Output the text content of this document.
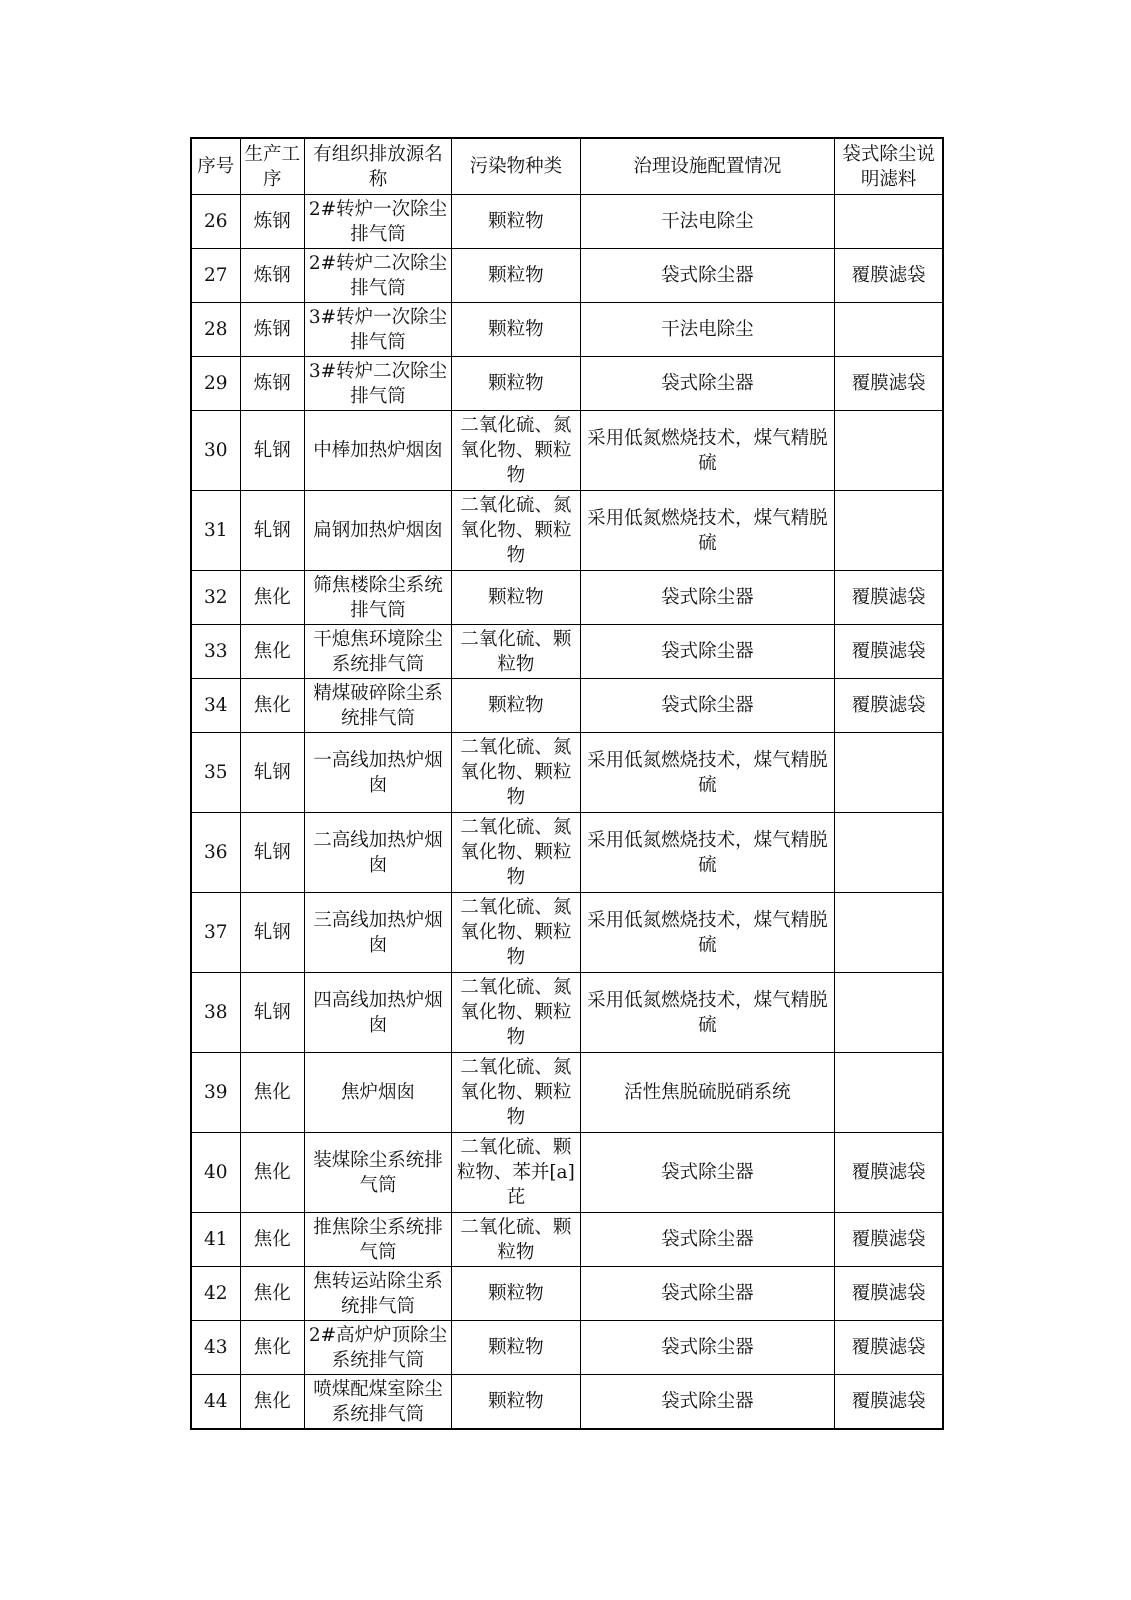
序号	生产工序	有组织排放源名称	污染物种类	治理设施配置情况	袋式除尘说明滤料
26	炼钢	2#转炉一次除尘排气筒	颗粒物	干法电除尘	
27	炼钢	2#转炉二次除尘排气筒	颗粒物	袋式除尘器	覆膜滤袋
28	炼钢	3#转炉一次除尘排气筒	颗粒物	干法电除尘	
29	炼钢	3#转炉二次除尘排气筒	颗粒物	袋式除尘器	覆膜滤袋
30	轧钢	中棒加热炉烟囱	二氧化硫、氮氧化物、颗粒物	采用低氮燃烧技术，煤气精脱硫	
31	轧钢	扁钢加热炉烟囱	二氧化硫、氮氧化物、颗粒物	采用低氮燃烧技术，煤气精脱硫	
32	焦化	筛焦楼除尘系统排气筒	颗粒物	袋式除尘器	覆膜滤袋
33	焦化	干熄焦环境除尘系统排气筒	二氧化硫、颗粒物	袋式除尘器	覆膜滤袋
34	焦化	精煤破碎除尘系统排气筒	颗粒物	袋式除尘器	覆膜滤袋
35	轧钢	一高线加热炉烟囱	二氧化硫、氮氧化物、颗粒物	采用低氮燃烧技术，煤气精脱硫	
36	轧钢	二高线加热炉烟囱	二氧化硫、氮氧化物、颗粒物	采用低氮燃烧技术，煤气精脱硫	
37	轧钢	三高线加热炉烟囱	二氧化硫、氮氧化物、颗粒物	采用低氮燃烧技术，煤气精脱硫	
38	轧钢	四高线加热炉烟囱	二氧化硫、氮氧化物、颗粒物	采用低氮燃烧技术，煤气精脱硫	
39	焦化	焦炉烟囱	二氧化硫、氮氧化物、颗粒物	活性焦脱硫脱硝系统	
40	焦化	装煤除尘系统排气筒	二氧化硫、颗粒物、苯并[a]芘	袋式除尘器	覆膜滤袋
41	焦化	推焦除尘系统排气筒	二氧化硫、颗粒物	袋式除尘器	覆膜滤袋
42	焦化	焦转运站除尘系统排气筒	颗粒物	袋式除尘器	覆膜滤袋
43	焦化	2#高炉炉顶除尘系统排气筒	颗粒物	袋式除尘器	覆膜滤袋
44	焦化	喷煤配煤室除尘系统排气筒	颗粒物	袋式除尘器	覆膜滤袋
